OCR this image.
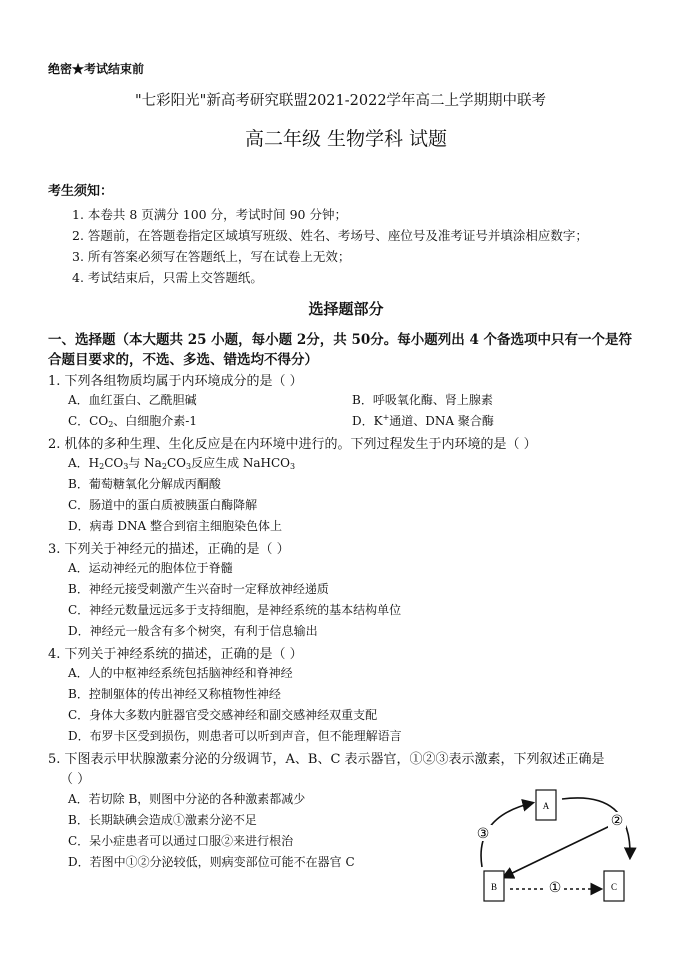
绝密★考试结束前
"七彩阳光"新高考研究联盟2021-2022学年高二上学期期中联考
高二年级 生物学科 试题
考生须知：
1. 本卷共 8 页满分 100 分，考试时间 90 分钟；
2. 答题前，在答题卷指定区域填写班级、姓名、考场号、座位号及准考证号并填涂相应数字；
3. 所有答案必须写在答题纸上，写在试卷上无效；
4. 考试结束后，只需上交答题纸。
选择题部分
一、选择题（本大题共 25 小题，每小题 2分，共 50分。每小题列出 4 个备选项中只有一个是符
合题目要求的，不选、多选、错选均不得分）
1. 下列各组物质均属于内环境成分的是（ ）
A．血红蛋白、乙酰胆碱	B．呼吸氧化酶、肾上腺素
C．$CO_2$、白细胞介素-1	D．K+通道、DNA 聚合酶
2. 机体的多种生理、生化反应是在内环境中进行的。下列过程发生于内环境的是（ ）
A．$H_2CO_3$与 $Na_2CO_3$反应生成 NaHCO$_3$
B．葡萄糖氧化分解成丙酮酸
C．肠道中的蛋白质被胰蛋白酶降解
D．病毒 DNA 整合到宿主细胞染色体上
3. 下列关于神经元的描述，正确的是（ ）
A．运动神经元的胞体位于脊髓
B．神经元接受刺激产生兴奋时一定释放神经递质
C．神经元数量远远多于支持细胞，是神经系统的基本结构单位
D．神经元一般含有多个树突，有利于信息输出
4. 下列关于神经系统的描述，正确的是（ ）
A．人的中枢神经系统包括脑神经和脊神经
B．控制躯体的传出神经又称植物性神经
C．身体大多数内脏器官受交感神经和副交感神经双重支配
D．布罗卡区受到损伤，则患者可以听到声音，但不能理解语言
5. 下图表示甲状腺激素分泌的分级调节，A、B、C 表示器官，①②③表示激素，下列叙述正确是
（ ）
A．若切除 B，则图中分泌的各种激素都减少
B．长期缺碘会造成①激素分泌不足
C．呆小症患者可以通过口服②来进行根治
D．若图中①②分泌较低，则病变部位可能不在器官 C
A
B	C
①
②
③
